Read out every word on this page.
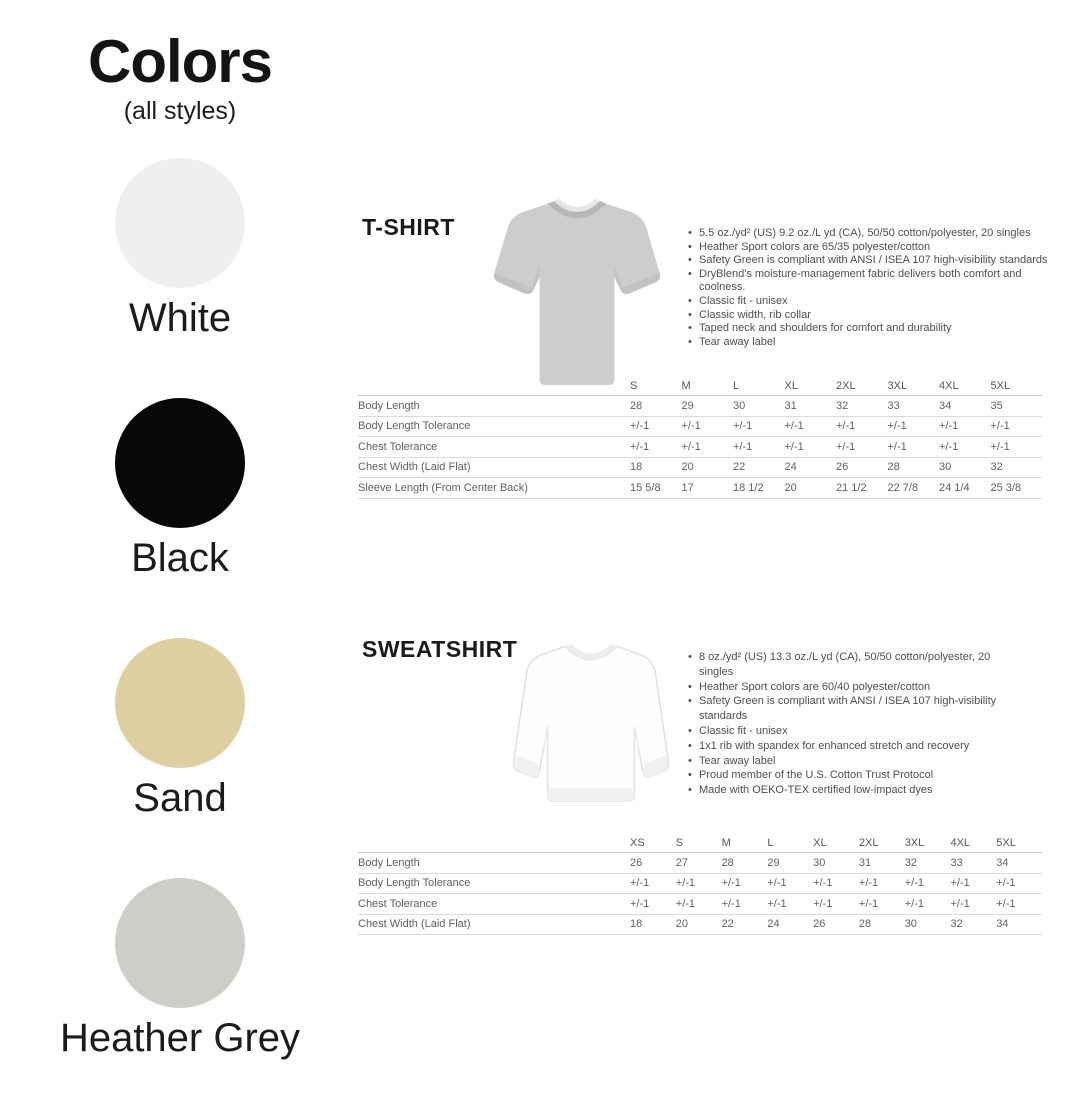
Colors
(all styles)
White
Black
Sand
Heather Grey
T-SHIRT	• 5.5 oz./yd² (US) 9.2 oz./L yd (CA), 50/50 cotton/polyester, 20 singles
• Heather Sport colors are 65/35 polyester/cotton
• Safety Green is compliant with ANSI / ISEA 107 high-visibility standards
• DryBlend's moisture-management fabric delivers both comfort and coolness.
• Classic fit - unisex
• Classic width, rib collar
• Taped neck and shoulders for comfort and durability
• Tear away label
S	M	L	XL	2XL	3XL	4XL	5XL
Body Length	28	29	30	31	32	33	34	35
Body Length Tolerance	+/-1	+/-1	+/-1	+/-1	+/-1	+/-1	+/-1	+/-1
Chest Tolerance	+/-1	+/-1	+/-1	+/-1	+/-1	+/-1	+/-1	+/-1
Chest Width (Laid Flat)	18	20	22	24	26	28	30	32
Sleeve Length (From Center Back)	15 5/8	17	18 1/2	20	21 1/2	22 7/8	24 1/4	25 3/8
SWEATSHIRT	• 8 oz./yd² (US) 13.3 oz./L yd (CA), 50/50 cotton/polyester, 20 singles
• Heather Sport colors are 60/40 polyester/cotton
• Safety Green is compliant with ANSI / ISEA 107 high-visibility standards
• Classic fit - unisex
• 1x1 rib with spandex for enhanced stretch and recovery
• Tear away label
• Proud member of the U.S. Cotton Trust Protocol
• Made with OEKO-TEX certified low-impact dyes
XS	S	M	L	XL	2XL	3XL	4XL	5XL
Body Length	26	27	28	29	30	31	32	33	34
Body Length Tolerance	+/-1	+/-1	+/-1	+/-1	+/-1	+/-1	+/-1	+/-1	+/-1
Chest Tolerance	+/-1	+/-1	+/-1	+/-1	+/-1	+/-1	+/-1	+/-1	+/-1
Chest Width (Laid Flat)	18	20	22	24	26	28	30	32	34
